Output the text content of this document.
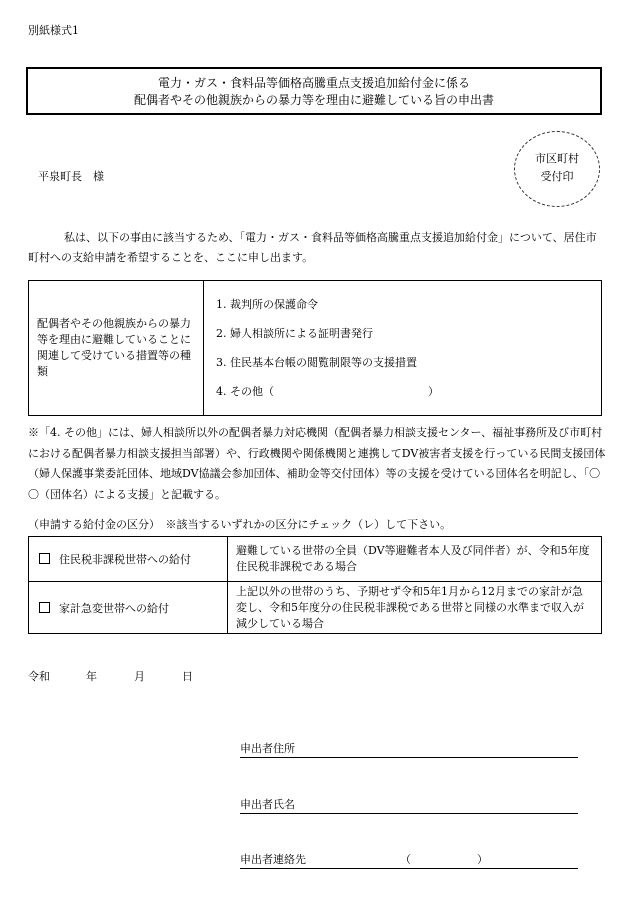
別紙様式1
電力・ガス・食料品等価格高騰重点支援追加給付金に係る
配偶者やその他親族からの暴力等を理由に避難している旨の申出書
市区町村
受付印
平泉町長　様
私は、以下の事由に該当するため、「電力・ガス・食料品等価格高騰重点支援追加給付金」について、居住市町村への支給申請を希望することを、ここに申し出ます。
配偶者やその他親族からの暴力等を理由に避難していることに関連して受けている措置等の種類	
1. 裁判所の保護命令
2. 婦人相談所による証明書発行
3. 住民基本台帳の閲覧制限等の支援措置
4. その他（　　　　　　　　　　　　　　）
※「4. その他」には、婦人相談所以外の配偶者暴力対応機関（配偶者暴力相談支援センター、福祉事務所及び市町村における配偶者暴力相談支援担当部署）や、行政機関や関係機関と連携してDV被害者支援を行っている民間支援団体（婦人保護事業委託団体、地域DV協議会参加団体、補助金等交付団体）等の支援を受けている団体名を明記し、「〇〇（団体名）による支援」と記載する。
（申請する給付金の区分）　※該当するいずれかの区分にチェック（レ）して下さい。
住民税非課税世帯への給付	避難している世帯の全員（DV等避難者本人及び同伴者）が、令和5年度住民税非課税である場合
家計急変世帯への給付	上記以外の世帯のうち、予期せず令和5年1月から12月までの家計が急変し、令和5年度分の住民税非課税である世帯と同様の水準まで収入が減少している場合
令和	年	月	日
申出者住所
申出者氏名
申出者連絡先	（　　　　　　）
